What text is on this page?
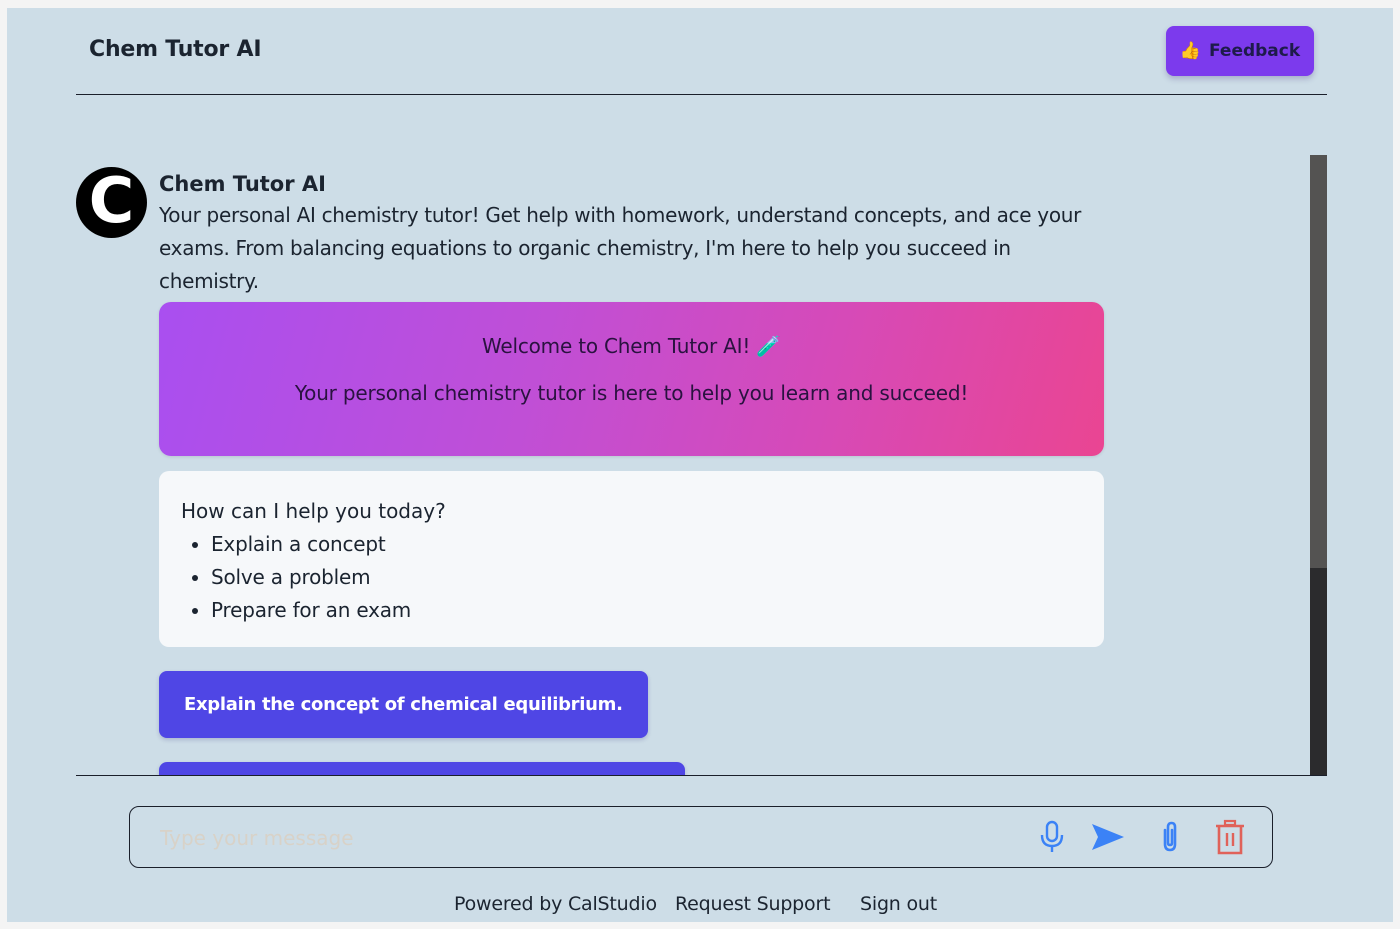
Chem Tutor AI	👍 Feedback
C Chem Tutor AI
Your personal AI chemistry tutor! Get help with homework, understand concepts, and ace your exams. From balancing equations to organic chemistry, I'm here to help you succeed in chemistry.
Welcome to Chem Tutor AI! 🧪
Your personal chemistry tutor is here to help you learn and succeed!
How can I help you today?
• Explain a concept
• Solve a problem
• Prepare for an exam
Explain the concept of chemical equilibrium.
Type your message
Powered by CalStudio Request Support Sign out
